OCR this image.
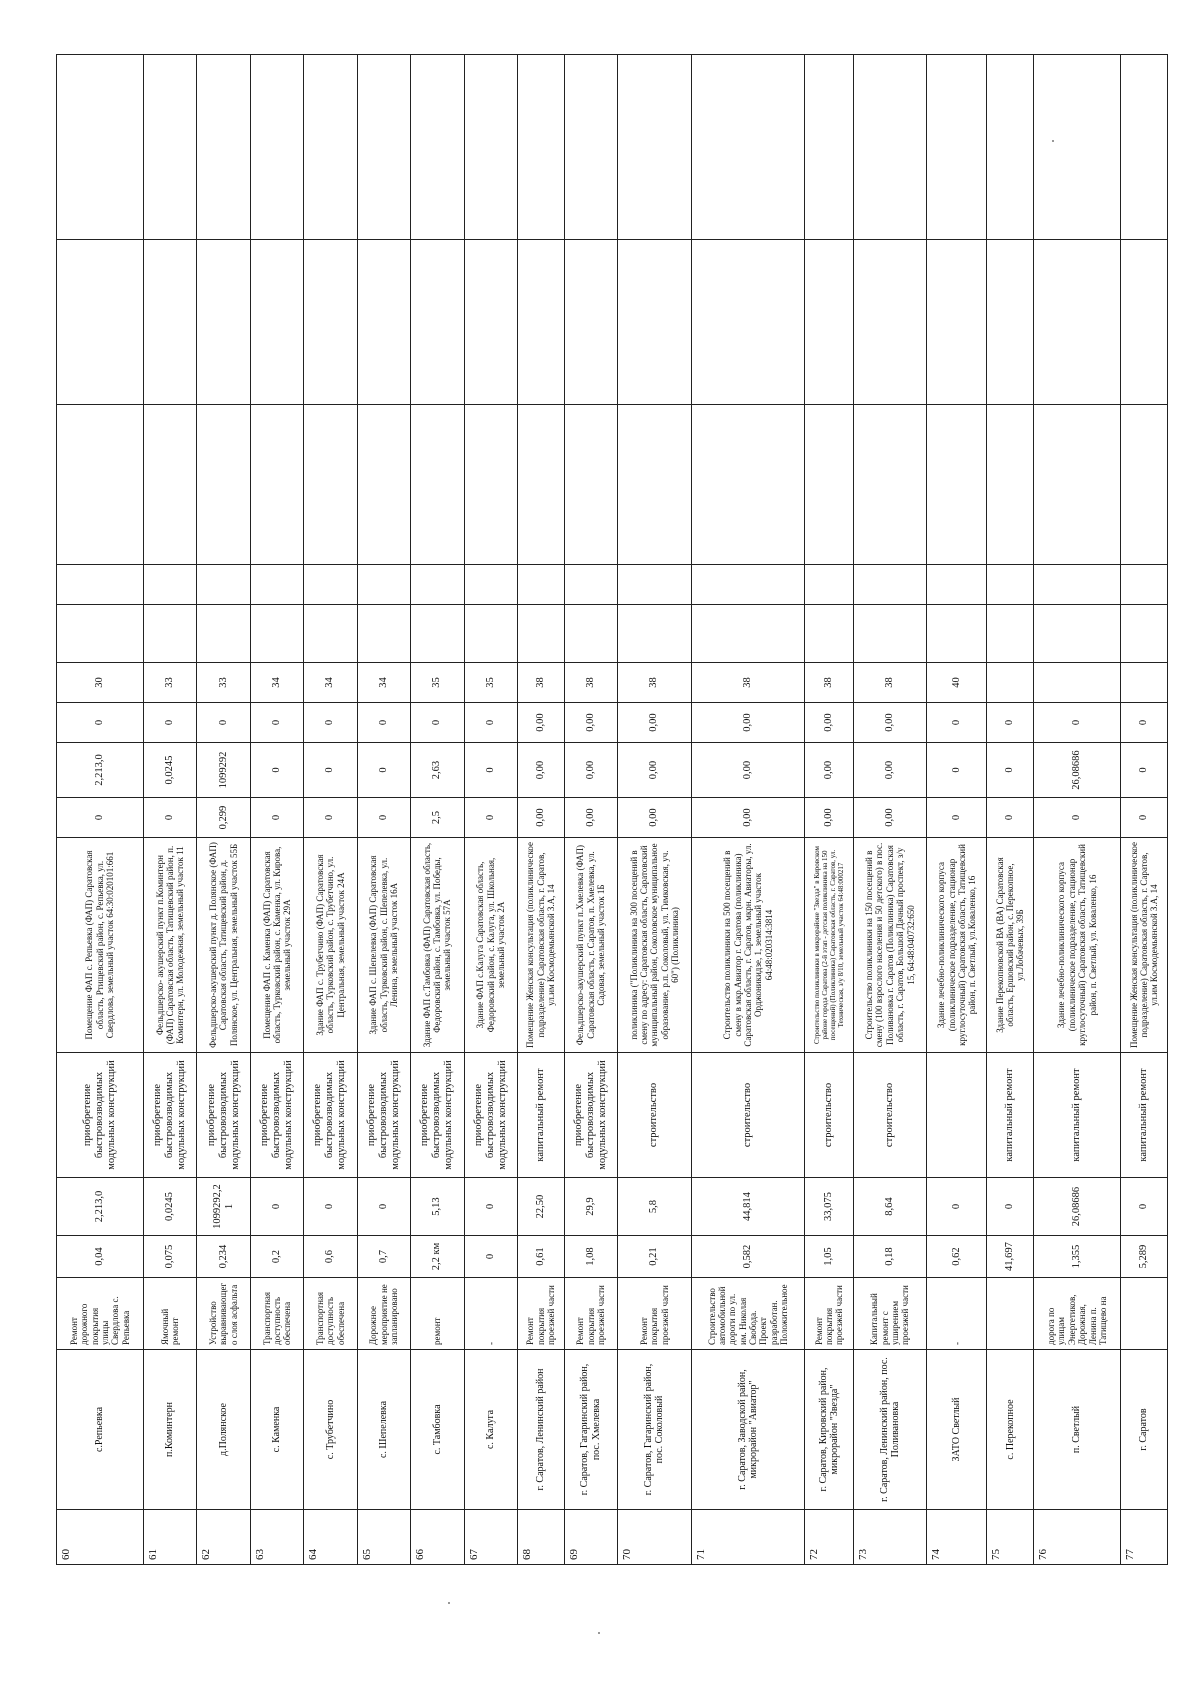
60	с.Репьевка	Ремонт дорожного покрытия улицы Свердлова с. Репьевка	0,04	2,213,0	приобретение быстровозводимых модульных конструкций	Помещение ФАП с. Репьевка (ФАП) Саратовская область, Ртищевский район, с. Репьевка, ул. Свердлова, земельный участок 64:30:020101:661	0	2,213,0	0	30					
61	п.Коминтерн	Ямочный ремонт	0,075	0,0245	приобретение быстровозводимых модульных конструкций	Фельдшерско- акушерский пункт п.Коминтерн (ФАП) Саратовская область, Татищевский район, п. Коминтерн, ул. Молодежная, земельный участок 11	0	0,0245	0	33					
62	д.Полянское	Устройство выравнивающего слоя асфальта	0,234	1099292,21	приобретение быстровозводимых модульных конструкций	Фельдшерско-акушерский пункт д. Полянское (ФАП) Саратовская область, Татищевский район, д. Полянское, ул. Центральная, земельный участок 55Б	0,299	1099292	0	33					
63	с. Каменка	Транспортная доступность обеспечена	0,2	0	приобретение быстровозводимых модульных конструкций	Помещение ФАП с. Каменка (ФАП) Саратовская область, Турковский район, с. Каменка, ул. Кирова, земельный участок 29А	0	0	0	34					
64	с. Трубетчино	Транспортная доступность обеспечена	0,6	0	приобретение быстровозводимых модульных конструкций	Здание ФАП с. Трубетчино (ФАП) Саратовская область, Турковский район, с. Трубетчино, ул. Центральная, земельный участок 24А	0	0	0	34					
65	с. Шепелевка	Дорожное мероприятие не запланировано	0,7	0	приобретение быстровозводимых модульных конструкций	Здание ФАП с. Шепелевка (ФАП) Саратовская область, Турковский район, с. Шепелевка, ул. Ленина, земельный участок 16А	0	0	0	34					
66	с. Тамбовка	ремонт	2,2 км	5,13	приобретение быстровозводимых модульных конструкций	Здание ФАП с.Тамбовка (ФАП) Саратовская область, Федоровский район, с. Тамбовка, ул. Победы, земельный участок 57А	2,5	2,63	0	35					
67	с. Калуга	-	0	0	приобретение быстровозводимых модульных конструкций	Здание ФАП с.Калуга Саратовская область, Федоровский район, с. Калуга, ул. Школьная, земельный участок 2А	0	0	0	35					
68	г. Саратов, Ленинский район	Ремонт покрытия проезжей части	0,61	22,50	капитальный ремонт	Помещение Женская консультация (поликлиническое подразделение) Саратовская область, г. Саратов, ул.им Космодемьянской З.А, 14	0,00	0,00	0,00	38					
69	г. Саратов, Гагаринский район, пос. Хмелевка	Ремонт покрытия проезжей части	1,08	29,9	приобретение быстровозводимых модульных конструкций	Фельдшерско-акушерский пункт п.Хмелевка (ФАП) Саратовская область, г. Саратов, п. Хмелевка, ул. Садовая, земельный участок 1Б	0,00	0,00	0,00	38					
70	г. Саратов, Гагаринский район, пос. Соколовый	Ремонт покрытия проезжей части	0,21	5,8	строительство	поликлиника ("Поликлиника на 300 посещений в смену по адресу: Саратовская область, Саратовский муниципальный район, Соколовское муниципальное образование, р.п. Соколовый, ул. Тимковская, уч. 60") (Поликлиника)	0,00	0,00	0,00	38					
71	г. Саратов, Заводской район, микрорайон "Авиатор"	Строительство автомобильной дороги по ул. им. Николая Свобода. Проект разработан. Положительное	0,582	44,814	строительство	Строительство поликлиники на 500 посещений в смену в мкр.Авиатор г. Саратова (поликлиника) Саратовская область, г. Саратов, мкрн. Авиаторы, ул. Орджоникидзе, 1, земельный участок 64:48:020314:3814	0,00	0,00	0,00	38					
72	г. Саратов, Кировский район, микрорайон "Звезда"	Ремонт покрытия проезжей части	1,05	33,075	строительство	Строительство поликлиники в микрорайоне "Звезда" в Кировском районе города Саратова (2-й этап - детская поликлиника на 150 посещений) (Поликлиника) Саратовская область, г. Саратов, ул. Техническая, з/у 8/10, земельный участок 64:48:000217	0,00	0,00	0,00	38					
73	г. Саратов, Ленинский район, пос. Поливановка	Капитальный ремонт с уширением проезжей части	0,18	8,64	строительство	Строительство поликлиники на 150 посещений в смену (100 взрослого населения и 50 детского) в пос. Поливановка г. Саратов (Поликлиника) Саратовская область, г. Саратов, Большой Дачный проспект, з/у 15, 64:48:040732:650	0,00	0,00	0,00	38					
74	ЗАТО Светлый	-	0,62	0		Здание лечебно-поликлинического корпуса (поликлиническое подразделение, стационар круглосуточный) Саратовская область, Татищевский район, п. Светлый, ул.Коваленко, 16	0	0	0	40					
75	с. Перекопное		41,697	0	капитальный ремонт	Здание Перекопновской ВА (ВА) Саратовская область, Ершовский район, с. Перекопное, ул.Лобачевых, 39Б	0	0	0						
76	п. Светлый	дорога по улицам Энергетиков, Дорожная, Ленина п. Татищево на	1,355	26,08686	капитальный ремонт	Здание лечебно-поликлинического корпуса (поликлиническое подразделение, стационар круглосуточный) Саратовская область, Татищевский район, п. Светлый, ул. Коваленко, 16	0	26,08686	0						
77	г. Саратов		5,289	0	капитальный ремонт	Помещение Женская консультация (поликлиническое подразделение) Саратовская область, г. Саратов, ул.им Космодемьянской З.А, 14	0	0	0						
